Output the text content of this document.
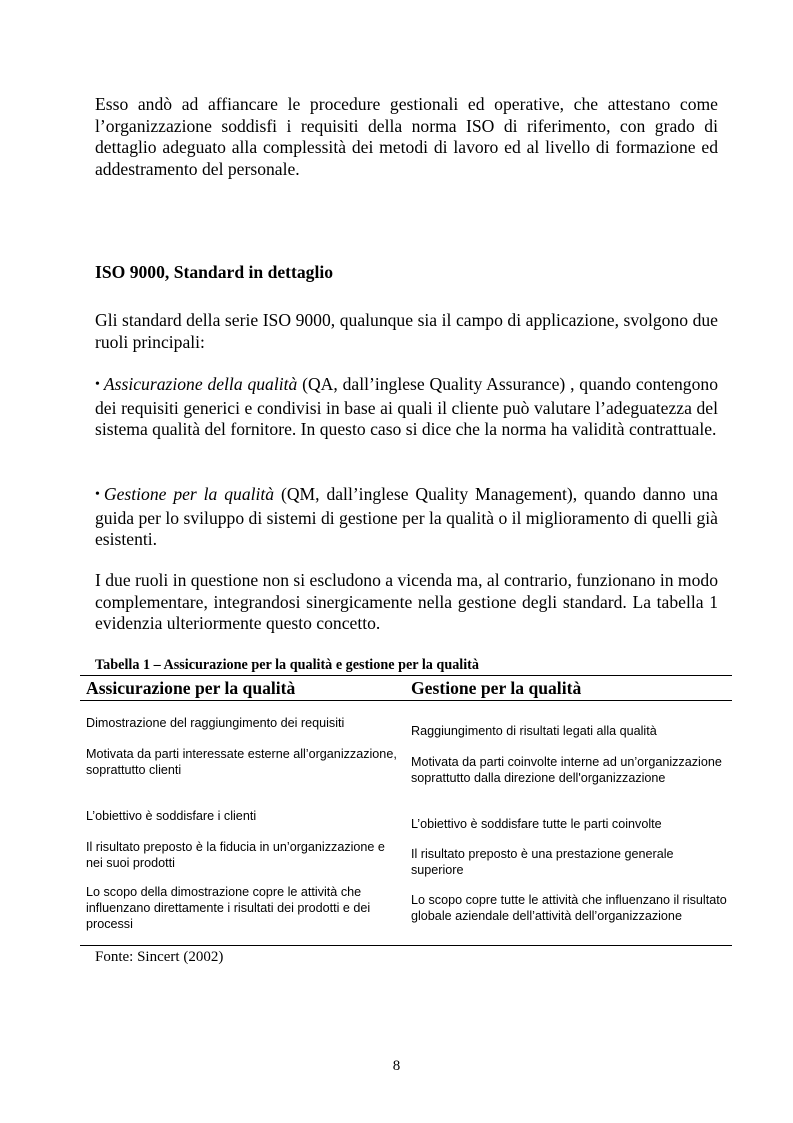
Esso andò ad affiancare le procedure gestionali ed operative, che attestano come l’organizzazione soddisfi i requisiti della norma ISO di riferimento, con grado di dettaglio adeguato alla complessità dei metodi di lavoro ed al livello di formazione ed addestramento del personale.

ISO 9000, Standard in dettaglio

Gli standard della serie ISO 9000, qualunque sia il campo di applicazione, svolgono due ruoli principali:

• Assicurazione della qualità (QA, dall’inglese Quality Assurance) , quando contengono dei requisiti generici e condivisi in base ai quali il cliente può valutare l’adeguatezza del sistema qualità del fornitore. In questo caso si dice che la norma ha validità contrattuale.

• Gestione per la qualità (QM, dall’inglese Quality Management), quando danno una guida per lo sviluppo di sistemi di gestione per la qualità o il miglioramento di quelli già esistenti.

I due ruoli in questione non si escludono a vicenda ma, al contrario, funzionano in modo complementare, integrandosi sinergicamente nella gestione degli standard. La tabella 1 evidenzia ulteriormente questo concetto.

Tabella 1 – Assicurazione per la qualità e gestione per la qualità

Assicurazione per la qualità	Gestione per la qualità

Dimostrazione del raggiungimento dei requisiti

Raggiungimento di risultati legati alla qualità

Motivata da parti interessate esterne all’organizzazione, soprattutto clienti

Motivata da parti coinvolte interne ad un’organizzazione soprattutto dalla direzione dell'organizzazione

L’obiettivo è soddisfare i clienti

L’obiettivo è soddisfare tutte le parti coinvolte

Il risultato preposto è la fiducia in un’organizzazione e nei suoi prodotti

Il risultato preposto è una prestazione generale superiore

Lo scopo della dimostrazione copre le attività che influenzano direttamente i risultati dei prodotti e dei processi

Lo scopo copre tutte le attività che influenzano il risultato globale aziendale dell’attività dell’organizzazione

Fonte: Sincert (2002)

8
